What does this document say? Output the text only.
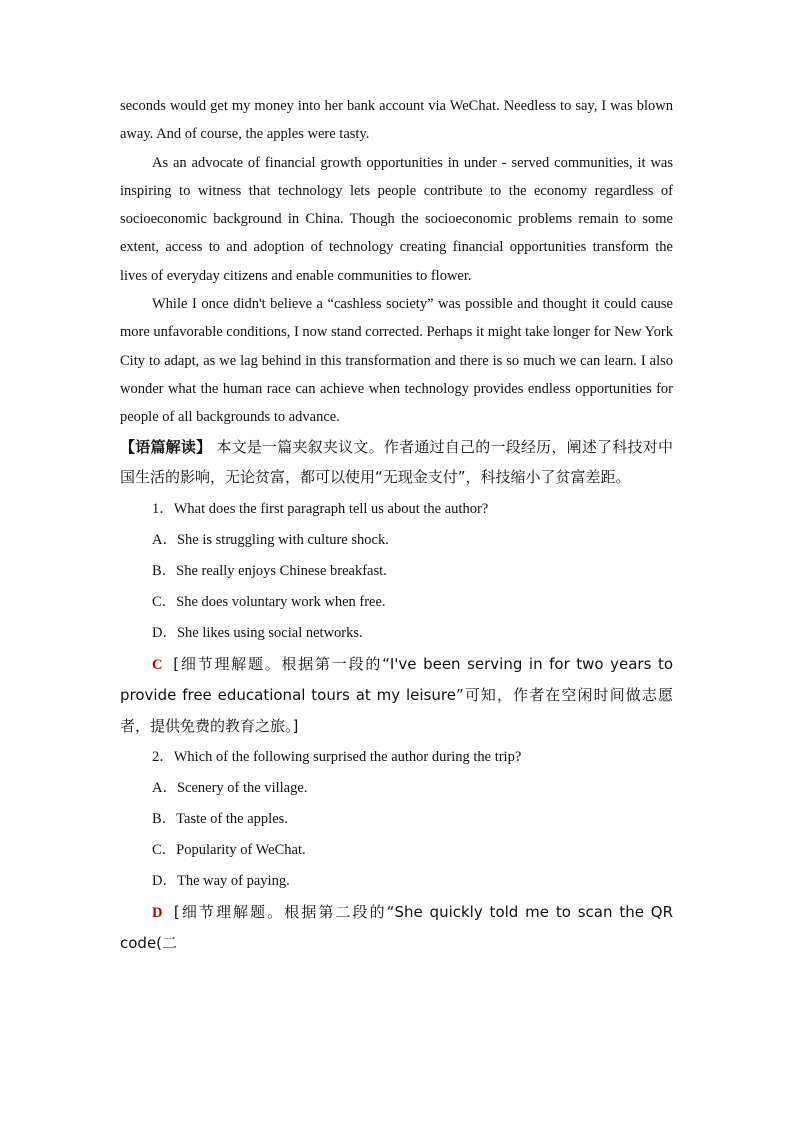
seconds would get my money into her bank account via WeChat. Needless to say, I was blown away. And of course, the apples were tasty.

As an advocate of financial growth opportunities in under - served communities, it was inspiring to witness that technology lets people contribute to the economy regardless of socioeconomic background in China. Though the socioeconomic problems remain to some extent, access to and adoption of technology creating financial opportunities transform the lives of everyday citizens and enable communities to flower.

While I once didn't believe a “cashless society” was possible and thought it could cause more unfavorable conditions, I now stand corrected. Perhaps it might take longer for New York City to adapt, as we lag behind in this transformation and there is so much we can learn. I also wonder what the human race can achieve when technology provides endless opportunities for people of all backgrounds to advance.

【语篇解读】 本文是一篇夹叙夹议文。作者通过自己的一段经历，阐述了科技对中国生活的影响，无论贫富，都可以使用“无现金支付”，科技缩小了贫富差距。

1．What does the first paragraph tell us about the author?

A．She is struggling with culture shock.

B．She really enjoys Chinese breakfast.

C．She does voluntary work when free.

D．She likes using social networks.

C [细节理解题。根据第一段的“I've been serving in for two years to provide free educational tours at my leisure”可知，作者在空闲时间做志愿者，提供免费的教育之旅。]

2．Which of the following surprised the author during the trip?

A．Scenery of the village.

B．Taste of the apples.

C．Popularity of WeChat.

D．The way of paying.

D [细节理解题。根据第二段的“She quickly told me to scan the QR code(二
